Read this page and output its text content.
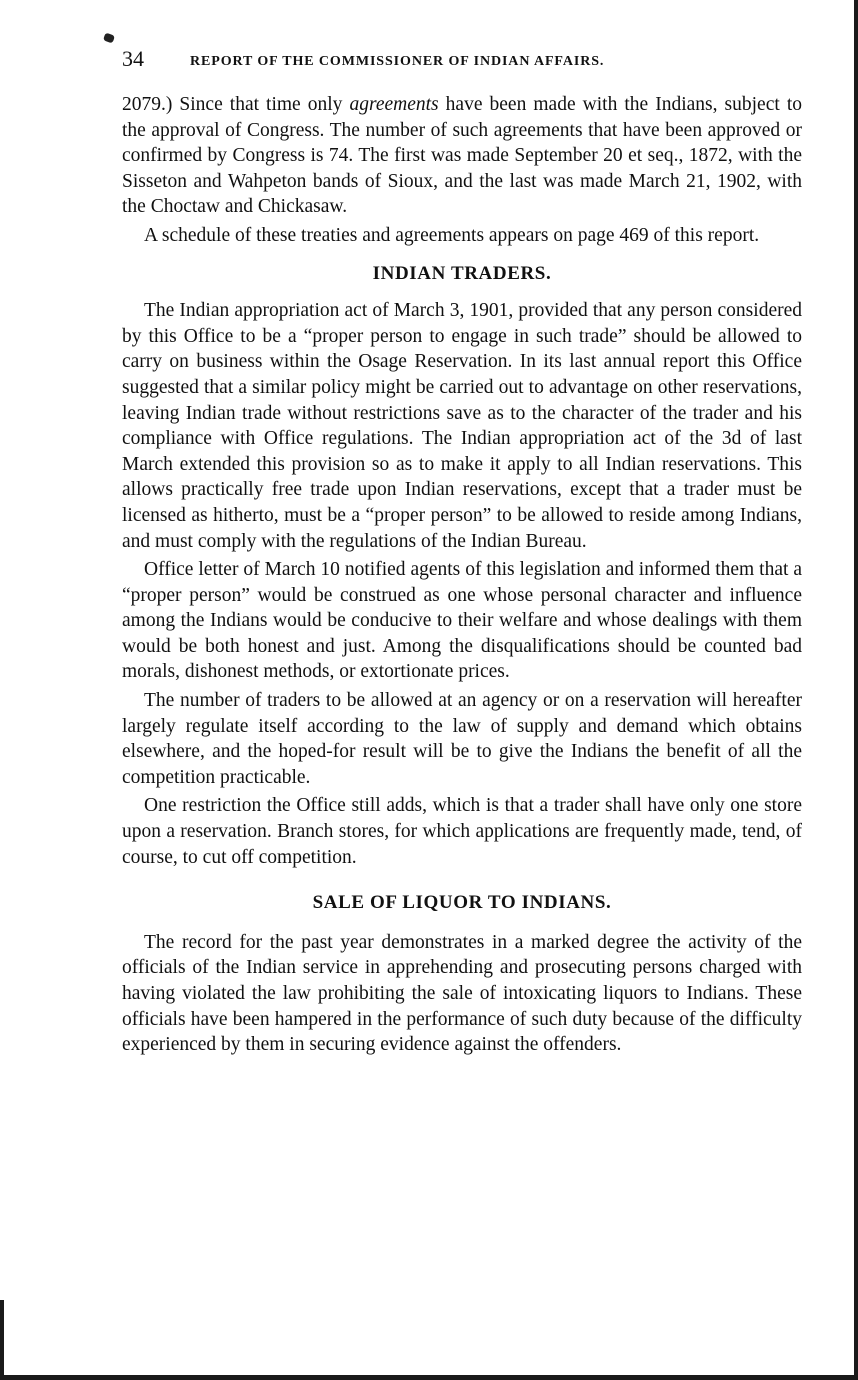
34	REPORT OF THE COMMISSIONER OF INDIAN AFFAIRS.

2079.) Since that time only agreements have been made with the Indians, subject to the approval of Congress. The number of such agreements that have been approved or confirmed by Congress is 74. The first was made September 20 et seq., 1872, with the Sisseton and Wahpeton bands of Sioux, and the last was made March 21, 1902, with the Choctaw and Chickasaw.

A schedule of these treaties and agreements appears on page 469 of this report.

INDIAN TRADERS.

The Indian appropriation act of March 3, 1901, provided that any person considered by this Office to be a “proper person to engage in such trade” should be allowed to carry on business within the Osage Reservation. In its last annual report this Office suggested that a similar policy might be carried out to advantage on other reservations, leaving Indian trade without restrictions save as to the character of the trader and his compliance with Office regulations. The Indian appropriation act of the 3d of last March extended this provision so as to make it apply to all Indian reservations. This allows practically free trade upon Indian reservations, except that a trader must be licensed as hitherto, must be a “proper person” to be allowed to reside among Indians, and must comply with the regulations of the Indian Bureau.

Office letter of March 10 notified agents of this legislation and informed them that a “proper person” would be construed as one whose personal character and influence among the Indians would be conducive to their welfare and whose dealings with them would be both honest and just. Among the disqualifications should be counted bad morals, dishonest methods, or extortionate prices.

The number of traders to be allowed at an agency or on a reservation will hereafter largely regulate itself according to the law of supply and demand which obtains elsewhere, and the hoped-for result will be to give the Indians the benefit of all the competition practicable.

One restriction the Office still adds, which is that a trader shall have only one store upon a reservation. Branch stores, for which applications are frequently made, tend, of course, to cut off competition.

SALE OF LIQUOR TO INDIANS.

The record for the past year demonstrates in a marked degree the activity of the officials of the Indian service in apprehending and prosecuting persons charged with having violated the law prohibiting the sale of intoxicating liquors to Indians. These officials have been hampered in the performance of such duty because of the difficulty experienced by them in securing evidence against the offenders.
